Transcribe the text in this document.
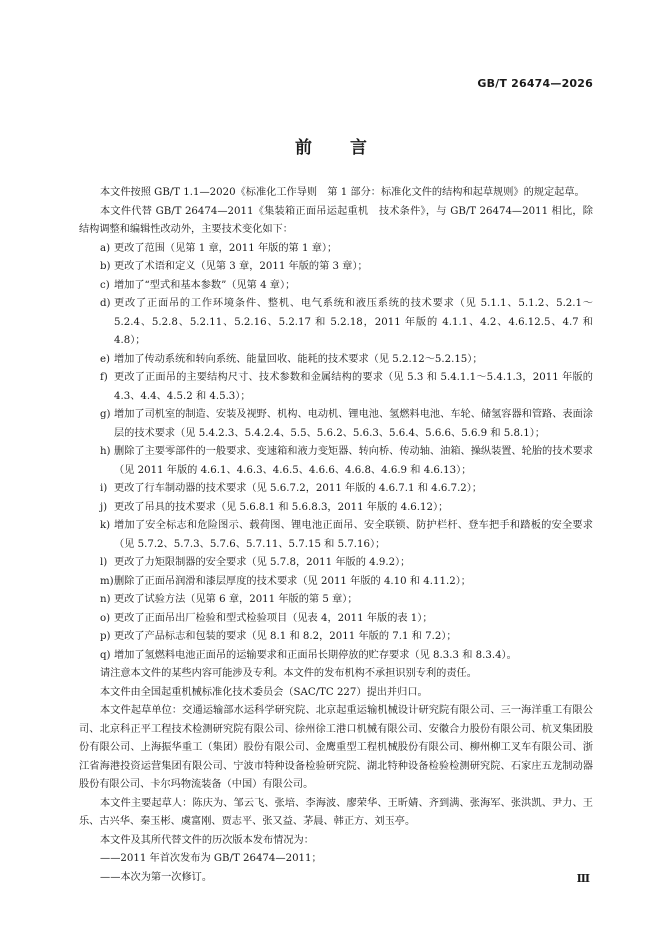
GB/T 26474—2026
前言

本文件按照 GB/T 1.1—2020《标准化工作导则　第 1 部分：标准化文件的结构和起草规则》的规定起草。

本文件代替 GB/T 26474—2011《集装箱正面吊运起重机　技术条件》，与 GB/T 26474—2011 相比，除结构调整和编辑性改动外，主要技术变化如下：

a) 更改了范围（见第 1 章，2011 年版的第 1 章）；

b) 更改了术语和定义（见第 3 章，2011 年版的第 3 章）；

c) 增加了“型式和基本参数”（见第 4 章）；

d) 更改了正面吊的工作环境条件、整机、电气系统和液压系统的技术要求（见 5.1.1、5.1.2、5.2.1～5.2.4、5.2.8、5.2.11、5.2.16、5.2.17 和 5.2.18，2011 年版的 4.1.1、4.2、4.6.12.5、4.7 和 4.8）；

e) 增加了传动系统和转向系统、能量回收、能耗的技术要求（见 5.2.12～5.2.15）；

f) 更改了正面吊的主要结构尺寸、技术参数和金属结构的要求（见 5.3 和 5.4.1.1～5.4.1.3，2011 年版的 4.3、4.4、4.5.2 和 4.5.3）；

g) 增加了司机室的制造、安装及视野、机构、电动机、锂电池、氢燃料电池、车轮、储氢容器和管路、表面涂层的技术要求（见 5.4.2.3、5.4.2.4、5.5、5.6.2、5.6.3、5.6.4、5.6.6、5.6.9 和 5.8.1）；

h) 删除了主要零部件的一般要求、变速箱和液力变矩器、转向桥、传动轴、油箱、操纵装置、轮胎的技术要求（见 2011 年版的 4.6.1、4.6.3、4.6.5、4.6.6、4.6.8、4.6.9 和 4.6.13）；

i) 更改了行车制动器的技术要求（见 5.6.7.2，2011 年版的 4.6.7.1 和 4.6.7.2）；

j) 更改了吊具的技术要求（见 5.6.8.1 和 5.6.8.3，2011 年版的 4.6.12）；

k) 增加了安全标志和危险图示、载荷图、锂电池正面吊、安全联锁、防护栏杆、登车把手和踏板的安全要求（见 5.7.2、5.7.3、5.7.6、5.7.11、5.7.15 和 5.7.16）；

l) 更改了力矩限制器的安全要求（见 5.7.8，2011 年版的 4.9.2）；

m) 删除了正面吊润滑和漆层厚度的技术要求（见 2011 年版的 4.10 和 4.11.2）；

n) 更改了试验方法（见第 6 章，2011 年版的第 5 章）；

o) 更改了正面吊出厂检验和型式检验项目（见表 4，2011 年版的表 1）；

p) 更改了产品标志和包装的要求（见 8.1 和 8.2，2011 年版的 7.1 和 7.2）；

q) 增加了氢燃料电池正面吊的运输要求和正面吊长期停放的贮存要求（见 8.3.3 和 8.3.4）。

请注意本文件的某些内容可能涉及专利。本文件的发布机构不承担识别专利的责任。

本文件由全国起重机械标准化技术委员会（SAC/TC 227）提出并归口。

本文件起草单位：交通运输部水运科学研究院、北京起重运输机械设计研究院有限公司、三一海洋重工有限公司、北京科正平工程技术检测研究院有限公司、徐州徐工港口机械有限公司、安徽合力股份有限公司、杭叉集团股份有限公司、上海振华重工（集团）股份有限公司、金鹰重型工程机械股份有限公司、柳州柳工叉车有限公司、浙江省海港投资运营集团有限公司、宁波市特种设备检验研究院、湖北特种设备检验检测研究院、石家庄五龙制动器股份有限公司、卡尔玛物流装备（中国）有限公司。

本文件主要起草人：陈庆为、邹云飞、张培、李海波、廖荣华、王昕婧、齐到满、张海军、张洪凯、尹力、王乐、古兴华、秦玉彬、虞富刚、贾志平、张又益、茅晨、韩正方、刘玉亭。

本文件及其所代替文件的历次版本发布情况为：

——2011 年首次发布为 GB/T 26474—2011；

——本次为第一次修订。	Ⅲ
